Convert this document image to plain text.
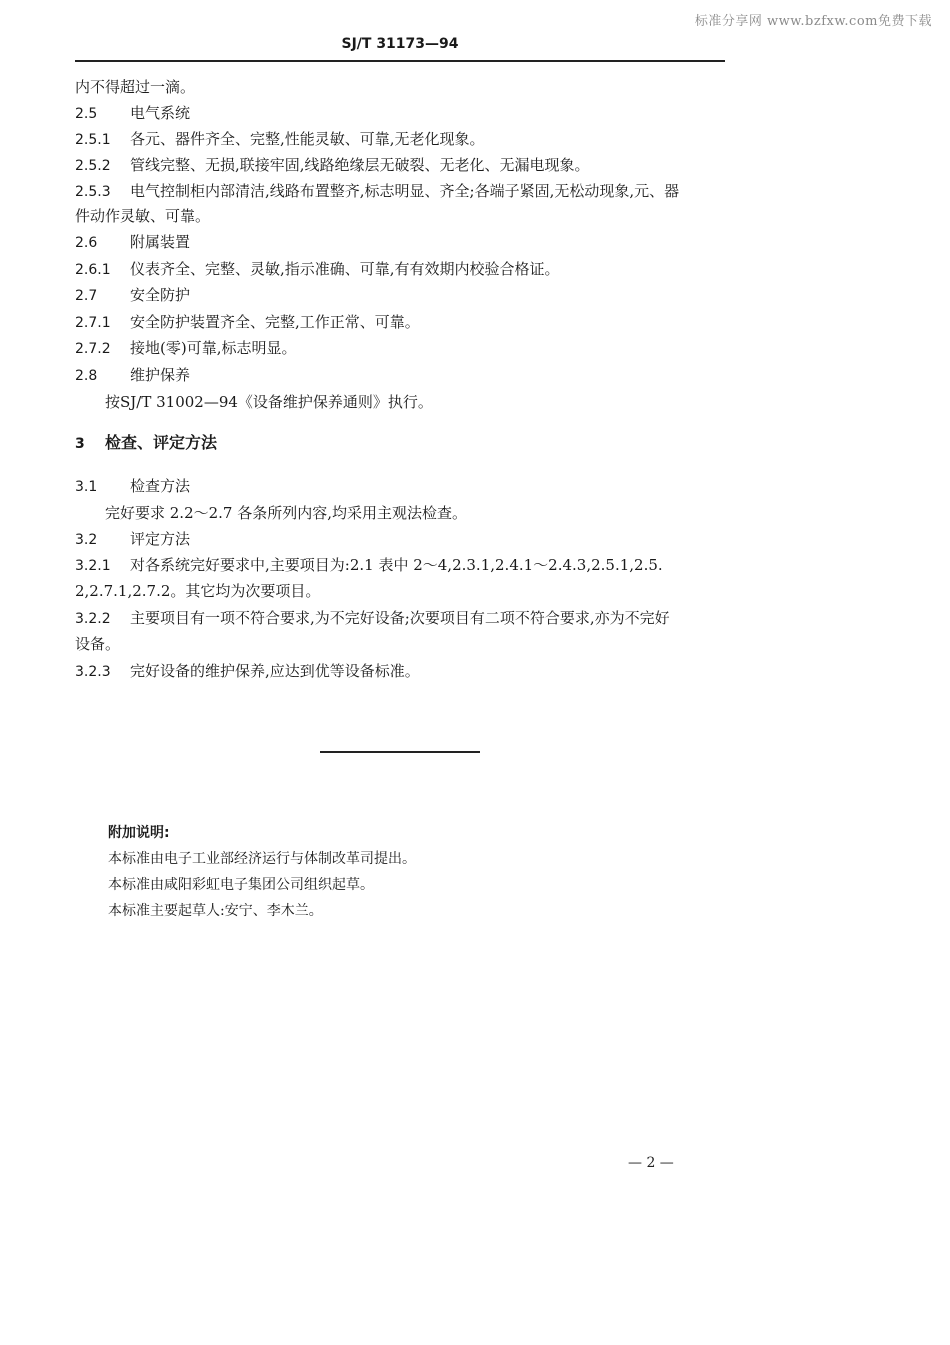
标准分享网 www.bzfxw.com免费下载
SJ/T 31173—94
内不得超过一滴。
2.5 电气系统
2.5.1 各元、器件齐全、完整,性能灵敏、可靠,无老化现象。
2.5.2 管线完整、无损,联接牢固,线路绝缘层无破裂、无老化、无漏电现象。
2.5.3 电气控制柜内部清洁,线路布置整齐,标志明显、齐全;各端子紧固,无松动现象,元、器
件动作灵敏、可靠。
2.6 附属装置
2.6.1 仪表齐全、完整、灵敏,指示准确、可靠,有有效期内校验合格证。
2.7 安全防护
2.7.1 安全防护装置齐全、完整,工作正常、可靠。
2.7.2 接地(零)可靠,标志明显。
2.8 维护保养
按SJ/T 31002—94《设备维护保养通则》执行。
3 检查、评定方法
3.1 检查方法
完好要求 2.2～2.7 各条所列内容,均采用主观法检查。
3.2 评定方法
3.2.1 对各系统完好要求中,主要项目为:2.1 表中 2～4,2.3.1,2.4.1～2.4.3,2.5.1,2.5.
2,2.7.1,2.7.2。其它均为次要项目。
3.2.2 主要项目有一项不符合要求,为不完好设备;次要项目有二项不符合要求,亦为不完好
设备。
3.2.3 完好设备的维护保养,应达到优等设备标准。
附加说明:
本标准由电子工业部经济运行与体制改革司提出。
本标准由咸阳彩虹电子集团公司组织起草。
本标准主要起草人:安宁、李木兰。
— 2 —
